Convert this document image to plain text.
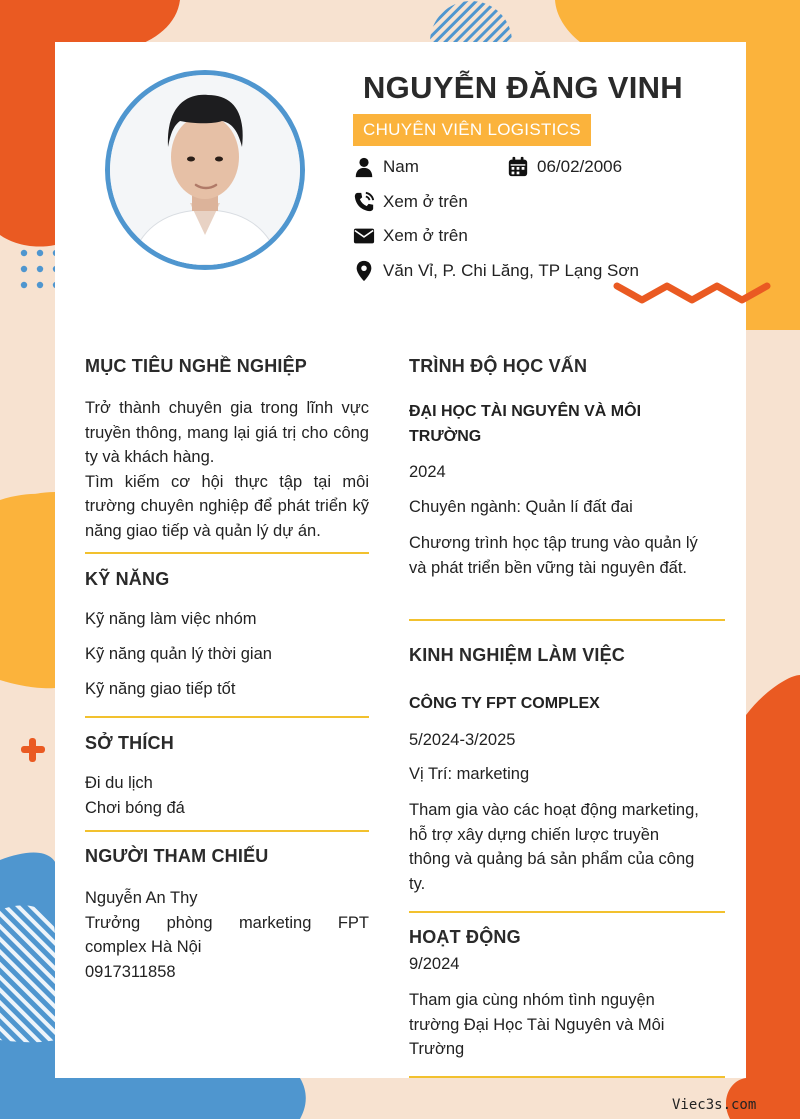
NGUYỄN ĐĂNG VINH
CHUYÊN VIÊN LOGISTICS
Nam	06/02/2006
Xem ở trên
Xem ở trên
Văn Vỉ, P. Chi Lăng, TP Lạng Sơn
MỤC TIÊU NGHỀ NGHIỆP
Trở thành chuyên gia trong lĩnh vực truyền thông, mang lại giá trị cho công ty và khách hàng.
Tìm kiếm cơ hội thực tập tại môi trường chuyên nghiệp để phát triển kỹ năng giao tiếp và quản lý dự án.
KỸ NĂNG
Kỹ năng làm việc nhóm
Kỹ năng quản lý thời gian
Kỹ năng giao tiếp tốt
SỞ THÍCH
Đi du lịch
Chơi bóng đá
NGƯỜI THAM CHIẾU
Nguyễn An Thy
Trưởng phòng marketing FPT complex Hà Nội
0917311858
TRÌNH ĐỘ HỌC VẤN
ĐẠI HỌC TÀI NGUYÊN VÀ MÔI TRƯỜNG
2024
Chuyên ngành: Quản lí đất đai
Chương trình học tập trung vào quản lý và phát triển bền vững tài nguyên đất.
KINH NGHIỆM LÀM VIỆC
CÔNG TY FPT COMPLEX
5/2024-3/2025
Vị Trí: marketing
Tham gia vào các hoạt động marketing, hỗ trợ xây dựng chiến lược truyền thông và quảng bá sản phẩm của công ty.
HOẠT ĐỘNG
9/2024
Tham gia cùng nhóm tình nguyện trường Đại Học Tài Nguyên và Môi Trường
Viec3s.com
